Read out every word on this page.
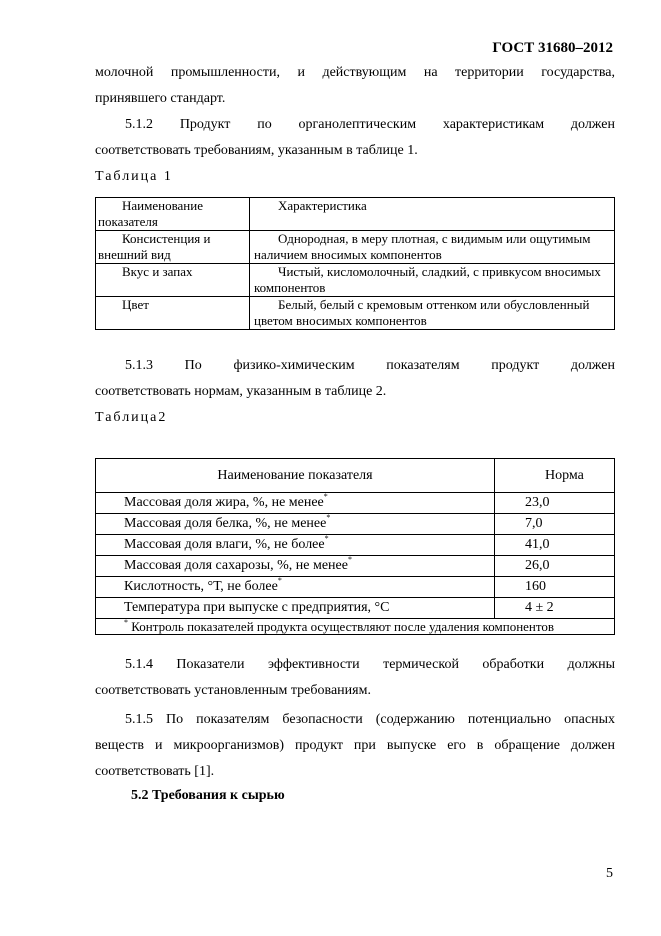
ГОСТ 31680–2012
молочной промышленности, и действующим на территории государства,
принявшего стандарт.
5.1.2 Продукт по органолептическим характеристикам должен
соответствовать требованиям, указанным в таблице 1.
Таблица 1
Наименование показателя	Характеристика
Консистенция и внешний вид	Однородная, в меру плотная, с видимым или ощутимым наличием вносимых компонентов
Вкус и запах	Чистый, кисломолочный, сладкий, с привкусом вносимых компонентов
Цвет	Белый, белый с кремовым оттенком или обусловленный цветом вносимых компонентов
5.1.3 По физико-химическим показателям продукт должен
соответствовать нормам, указанным в таблице 2.
Таблица2
Наименование показателя	Норма
Массовая доля жира, %, не менее*	23,0
Массовая доля белка, %, не менее*	7,0
Массовая доля влаги, %, не более*	41,0
Массовая доля сахарозы, %, не менее*	26,0
Кислотность, °Т, не более*	160
Температура при выпуске с предприятия, °С	4 ± 2
* Контроль показателей продукта осуществляют после удаления компонентов	
5.1.4 Показатели эффективности термической обработки должны
соответствовать установленным требованиям.
5.1.5 По показателям безопасности (содержанию потенциально опасных
веществ и микроорганизмов) продукт при выпуске его в обращение должен
соответствовать [1].
5.2 Требования к сырью
5
